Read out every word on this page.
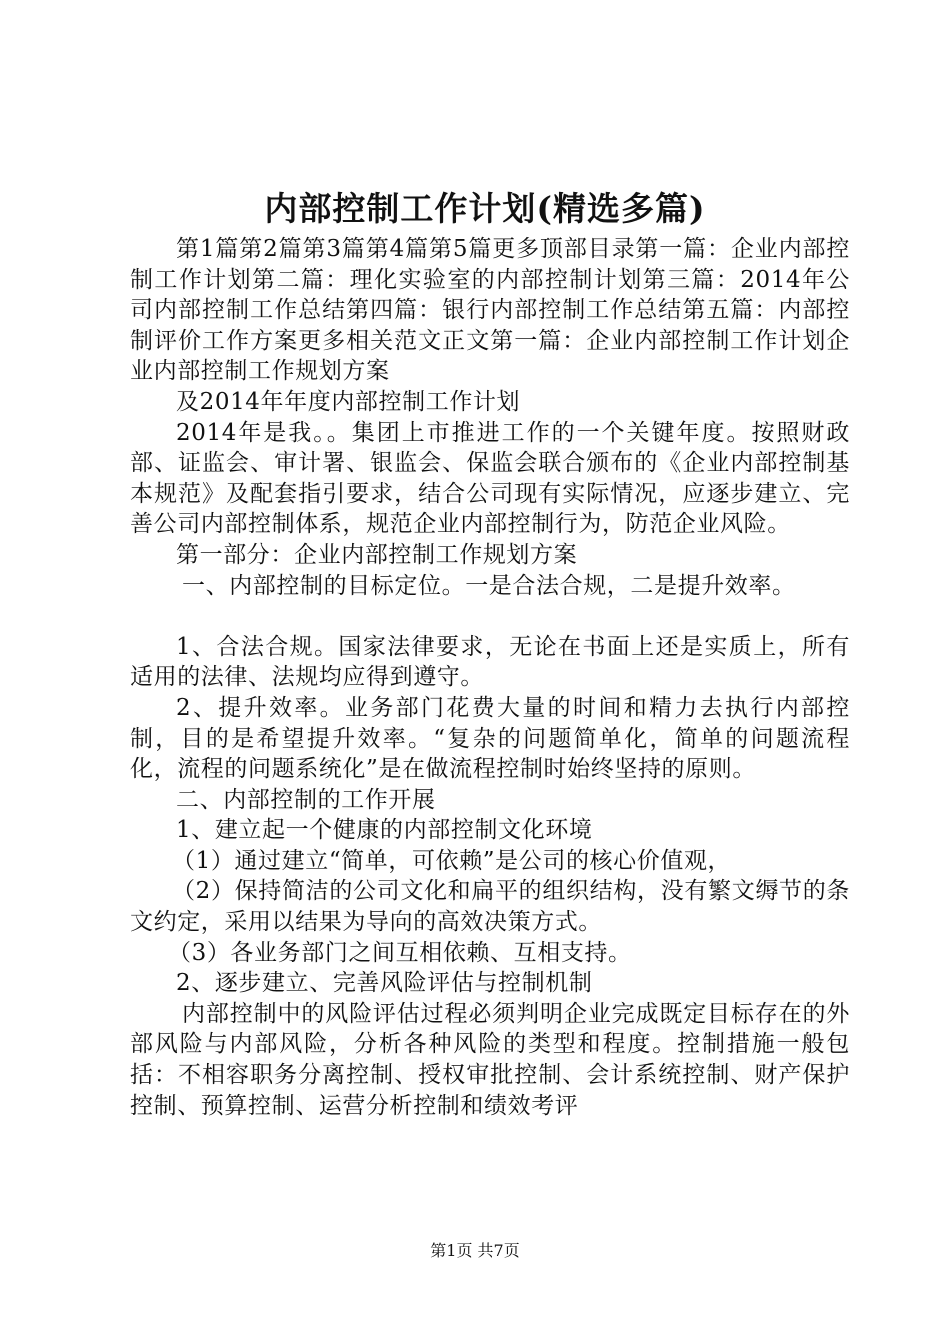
内部控制工作计划(精选多篇)

第1篇第2篇第3篇第4篇第5篇更多顶部目录第一篇：企业内部控制工作计划第二篇：理化实验室的内部控制计划第三篇：2014年公司内部控制工作总结第四篇：银行内部控制工作总结第五篇：内部控制评价工作方案更多相关范文正文第一篇：企业内部控制工作计划企业内部控制工作规划方案

及2014年年度内部控制工作计划

2014年是我。。集团上市推进工作的一个关键年度。按照财政部、证监会、审计署、银监会、保监会联合颁布的《企业内部控制基本规范》及配套指引要求，结合公司现有实际情况，应逐步建立、完善公司内部控制体系，规范企业内部控制行为，防范企业风险。

第一部分：企业内部控制工作规划方案

一、内部控制的目标定位。一是合法合规，二是提升效率。

1、合法合规。国家法律要求，无论在书面上还是实质上，所有适用的法律、法规均应得到遵守。

2、提升效率。业务部门花费大量的时间和精力去执行内部控制，目的是希望提升效率。“复杂的问题简单化，简单的问题流程化，流程的问题系统化”是在做流程控制时始终坚持的原则。

二、内部控制的工作开展

1、建立起一个健康的内部控制文化环境

（1）通过建立“简单，可依赖”是公司的核心价值观，

（2）保持简洁的公司文化和扁平的组织结构，没有繁文缛节的条文约定，采用以结果为导向的高效决策方式。

（3）各业务部门之间互相依赖、互相支持。

2、逐步建立、完善风险评估与控制机制

内部控制中的风险评估过程必须判明企业完成既定目标存在的外部风险与内部风险，分析各种风险的类型和程度。控制措施一般包括：不相容职务分离控制、授权审批控制、会计系统控制、财产保护控制、预算控制、运营分析控制和绩效考评

第1页 共7页
